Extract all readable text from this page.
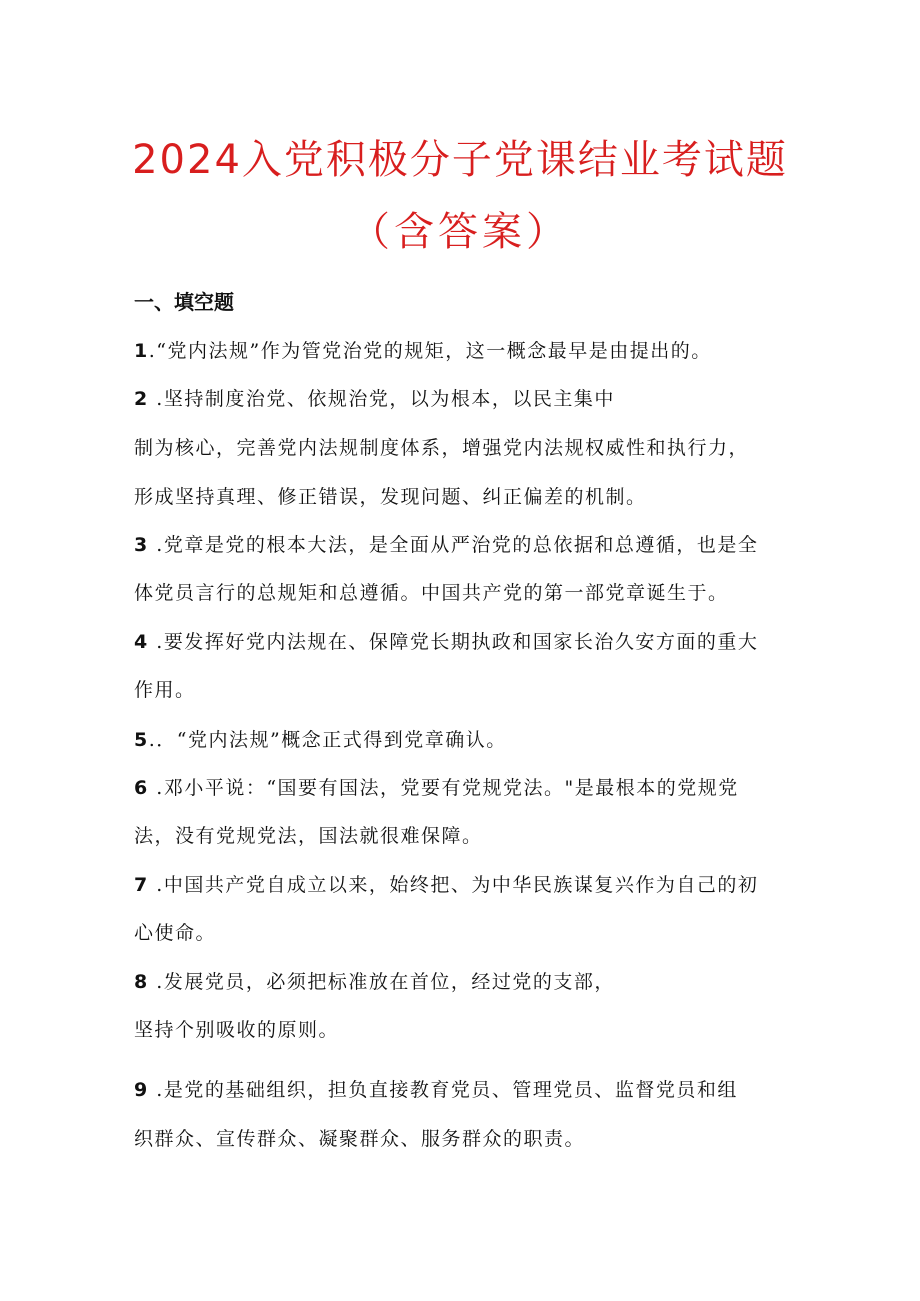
2024入党积极分子党课结业考试题
（含答案）
一、填空题
1.“党内法规”作为管党治党的规矩，这一概念最早是由提出的。
2 .坚持制度治党、依规治党，以为根本，以民主集中
制为核心，完善党内法规制度体系，增强党内法规权威性和执行力，
形成坚持真理、修正错误，发现问题、纠正偏差的机制。
3 .党章是党的根本大法，是全面从严治党的总依据和总遵循，也是全
体党员言行的总规矩和总遵循。中国共产党的第一部党章诞生于。
4 .要发挥好党内法规在、保障党长期执政和国家长治久安方面的重大
作用。
5.．“党内法规”概念正式得到党章确认。
6 .邓小平说：“国要有国法，党要有党规党法。"是最根本的党规党
法，没有党规党法，国法就很难保障。
7 .中国共产党自成立以来，始终把、为中华民族谋复兴作为自己的初
心使命。
8 .发展党员，必须把标准放在首位，经过党的支部，
坚持个别吸收的原则。
9 .是党的基础组织，担负直接教育党员、管理党员、监督党员和组
织群众、宣传群众、凝聚群众、服务群众的职责。
